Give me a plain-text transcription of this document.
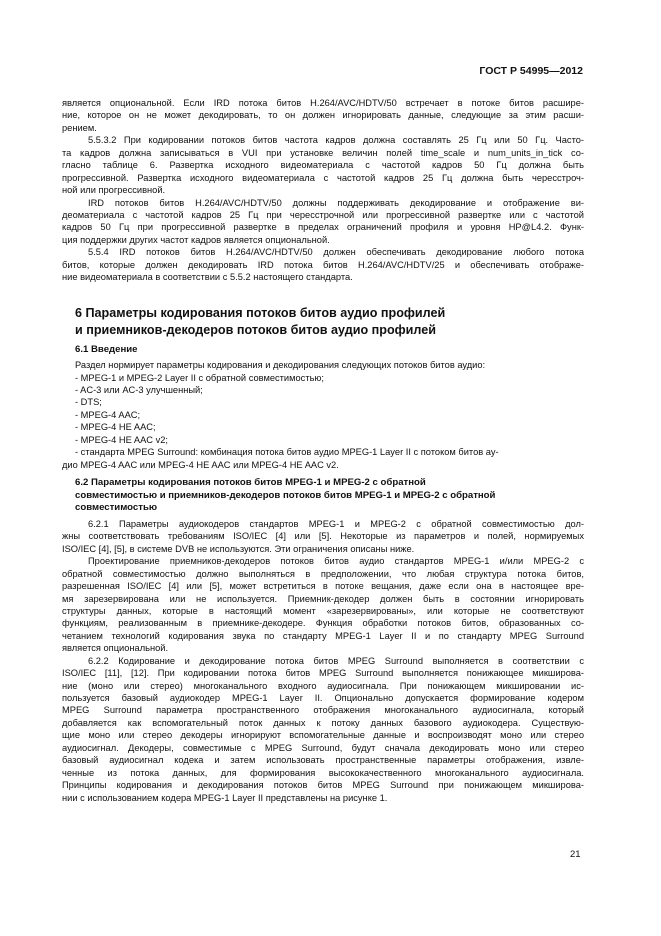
ГОСТ Р 54995—2012
является опциональной. Если IRD потока битов H.264/AVC/HDTV/50 встречает в потоке битов расшире-
ние, которое он не может декодировать, то он должен игнорировать данные, следующие за этим расши-
рением.
5.5.3.2 При кодировании потоков битов частота кадров должна составлять 25 Гц или 50 Гц. Часто-
та кадров должна записываться в VUI при установке величин полей time_scale и num_units_in_tick со-
гласно таблице 6. Развертка исходного видеоматериала с частотой кадров 50 Гц должна быть
прогрессивной. Развертка исходного видеоматериала с частотой кадров 25 Гц должна быть чересстроч-
ной или прогрессивной.
IRD потоков битов H.264/AVC/HDTV/50 должны поддерживать декодирование и отображение ви-
деоматериала с частотой кадров 25 Гц при чересстрочной или прогрессивной развертке или с частотой
кадров 50 Гц при прогрессивной развертке в пределах ограничений профиля и уровня HP@L4.2. Функ-
ция поддержки других частот кадров является опциональной.
5.5.4 IRD потоков битов H.264/AVC/HDTV/50 должен обеспечивать декодирование любого потока
битов, которые должен декодировать IRD потока битов H.264/AVC/HDTV/25 и обеспечивать отображе-
ние видеоматериала в соответствии с 5.5.2 настоящего стандарта.
6 Параметры кодирования потоков битов аудио профилей
и приемников-декодеров потоков битов аудио профилей
6.1 Введение
Раздел нормирует параметры кодирования и декодирования следующих потоков битов аудио:
- MPEG-1 и MPEG-2 Layer II с обратной совместимостью;
- AC-3 или AC-3 улучшенный;
- DTS;
- MPEG-4 AAC;
- MPEG-4 HE AAC;
- MPEG-4 HE AAC v2;
- стандарта MPEG Surround: комбинация потока битов аудио MPEG-1 Layer II с потоком битов ау-
дио MPEG-4 AAC или MPEG-4 HE AAC или MPEG-4 HE AAC v2.
6.2 Параметры кодирования потоков битов MPEG-1 и MPEG-2 с обратной
совместимостью и приемников-декодеров потоков битов MPEG-1 и MPEG-2 с обратной
совместимостью
6.2.1 Параметры аудиокодеров стандартов MPEG-1 и MPEG-2 с обратной совместимостью дол-
жны соответствовать требованиям ISO/IEC [4] или [5]. Некоторые из параметров и полей, нормируемых
ISO/IEC [4], [5], в системе DVB не используются. Эти ограничения описаны ниже.
Проектирование приемников-декодеров потоков битов аудио стандартов MPEG-1 и/или MPEG-2 с
обратной совместимостью должно выполняться в предположении, что любая структура потока битов,
разрешенная ISO/IEC [4] или [5], может встретиться в потоке вещания, даже если она в настоящее вре-
мя зарезервирована или не используется. Приемник-декодер должен быть в состоянии игнорировать
структуры данных, которые в настоящий момент «зарезервированы», или которые не соответствуют
функциям, реализованным в приемнике-декодере. Функция обработки потоков битов, образованных со-
четанием технологий кодирования звука по стандарту MPEG-1 Layer II и по стандарту MPEG Surround
является опциональной.
6.2.2 Кодирование и декодирование потока битов MPEG Surround выполняется в соответствии с
ISO/IEC [11], [12]. При кодировании потока битов MPEG Surround выполняется понижающее микширова-
ние (моно или стерео) многоканального входного аудиосигнала. При понижающем микшировании ис-
пользуется базовый аудиокодер MPEG-1 Layer II. Опционально допускается формирование кодером
MPEG Surround параметра пространственного отображения многоканального аудиосигнала, который
добавляется как вспомогательный поток данных к потоку данных базового аудиокодера. Существую-
щие моно или стерео декодеры игнорируют вспомогательные данные и воспроизводят моно или стерео
аудиосигнал. Декодеры, совместимые с MPEG Surround, будут сначала декодировать моно или стерео
базовый аудиосигнал кодека и затем использовать пространственные параметры отображения, извле-
ченные из потока данных, для формирования высококачественного многоканального аудиосигнала.
Принципы кодирования и декодирования потоков битов MPEG Surround при понижающем микширова-
нии с использованием кодера MPEG-1 Layer II представлены на рисунке 1.
21
